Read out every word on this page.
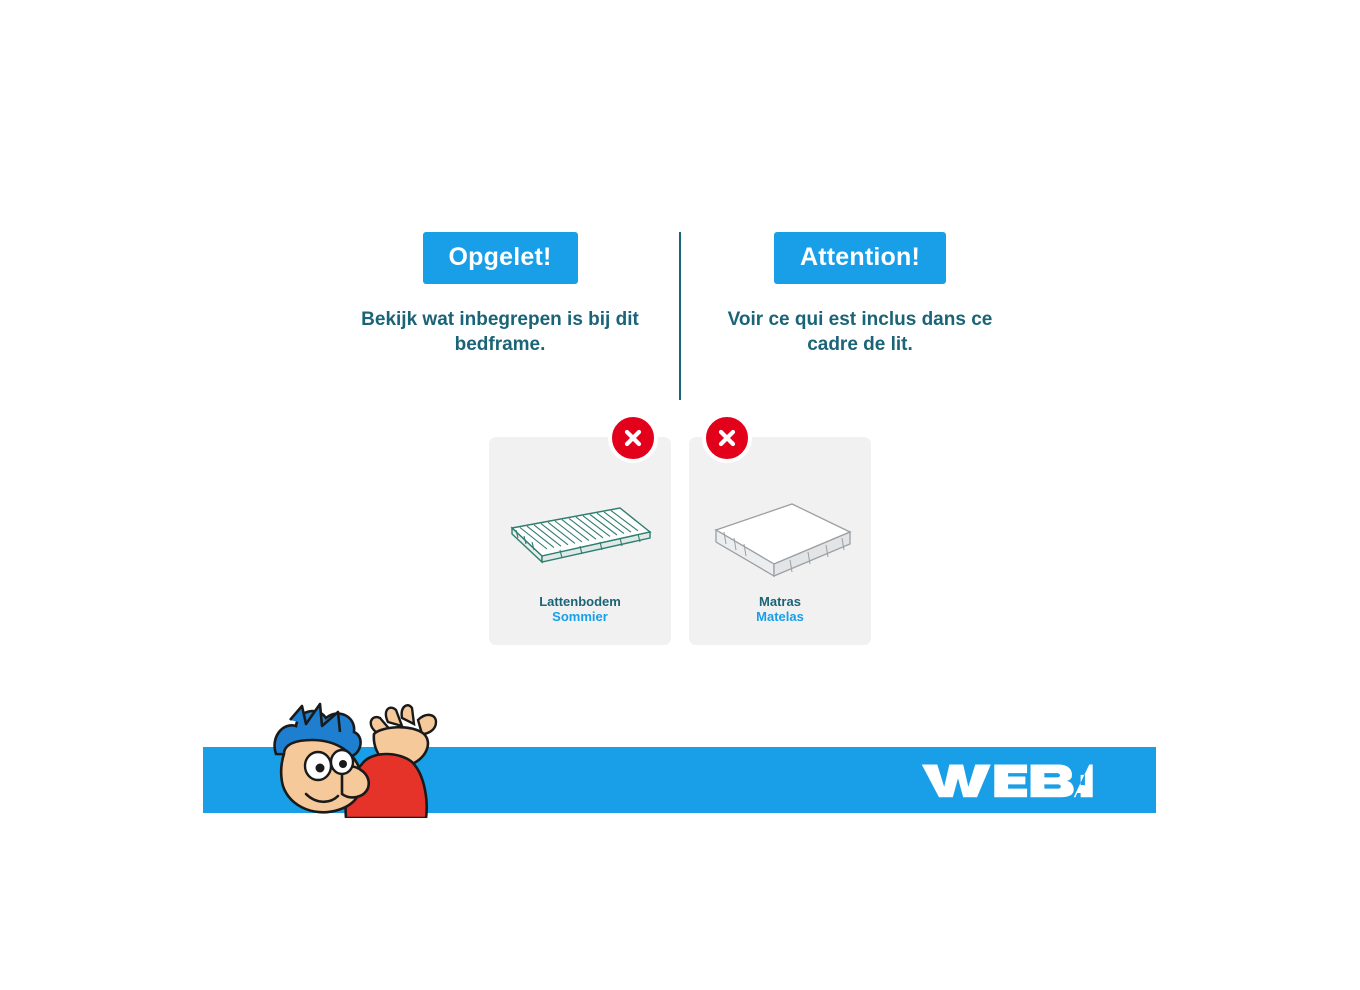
Opgelet!
Bekijk wat inbegrepen is bij dit bedframe.
Attention!
Voir ce qui est inclus dans ce cadre de lit.
Lattenbodem
Sommier
Matras
Matelas
